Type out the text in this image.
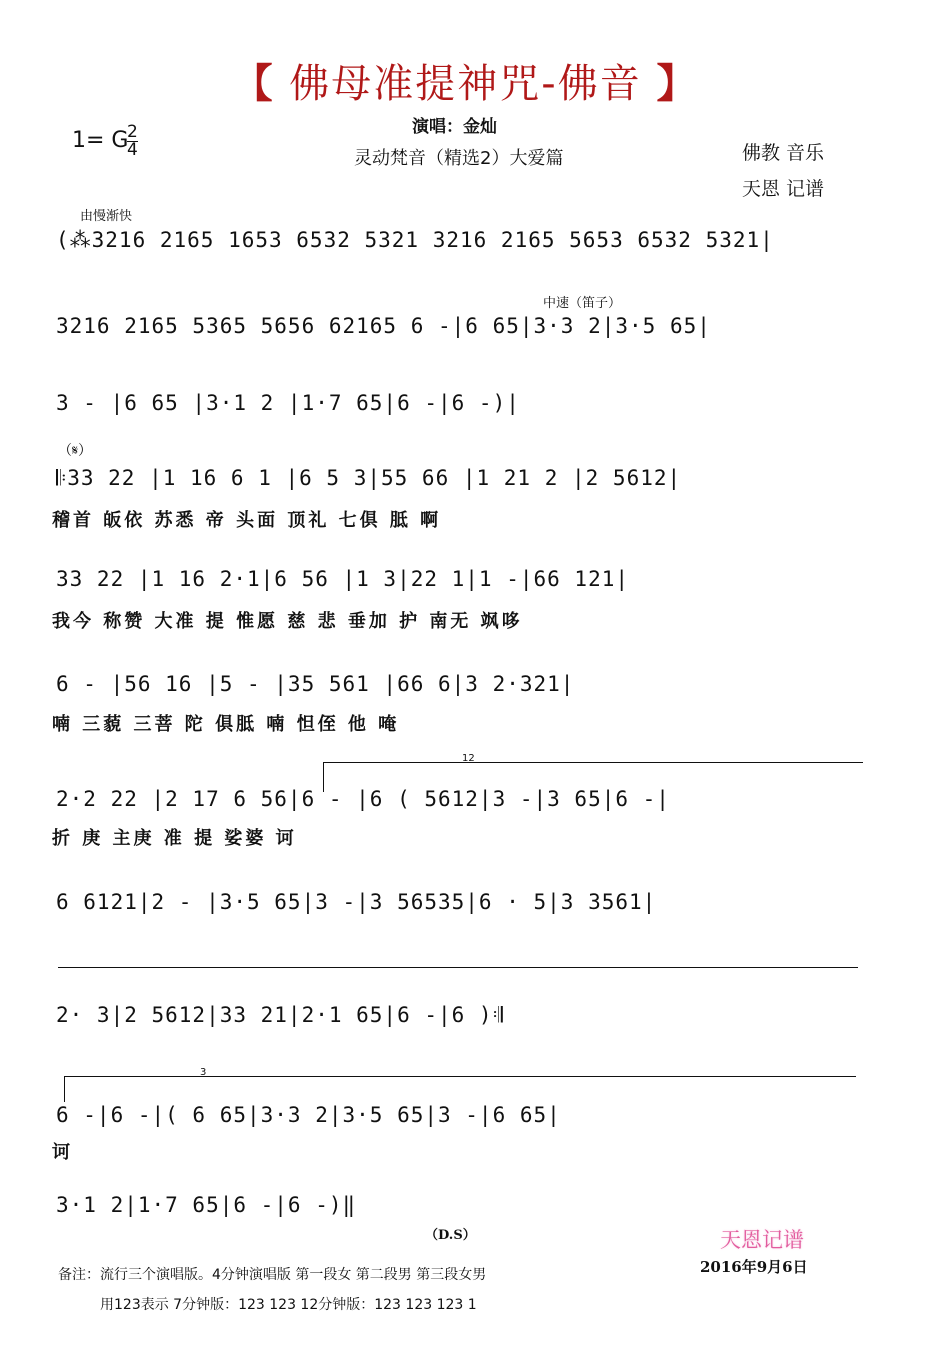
【 佛母准提神咒-佛音 】
演唱：金灿
1= G
$\frac{2}{4}$	灵动梵音（精选2）大爱篇	佛教 音乐
天恩 记谱
由慢渐快
中速（笛子）
（𝄋）
(⁂3216 2165 1653 6532 5321 3216 2165 5653 6532 5321|
3216 2165 5365 5656 62165 6 -|6 65|3·3 2|3·5 65|
3 - |6 65 |3·1 2 |1·7 65|6 -|6 -)|
𝄆33 22 |1 16 6 1 |6 5 3|55 66 |1 21 2 |2 5612|
稽首 皈依 苏悉 帝 头面 顶礼 七俱 胝 啊
33 22 |1 16 2·1|6 56 |1 3|22 1|1 -|66 121|
我今 称赞 大准 提 惟愿 慈 悲 垂加 护 南无 飒哆
6 - |56 16 |5 - |35 561 |66 6|3 2·321|
喃 三藐 三菩 陀 俱胝 喃 怛侄 他 唵
12
2·2 22 |2 17 6 56|6 - |6 ( 5612|3 -|3 65|6 -|
折 庚 主庚 准 提 娑婆 诃
6 6121|2 - |3·5 65|3 -|3 56535|6 · 5|3 3561|
2· 3|2 5612|33 21|2·1 65|6 -|6 )𝄇
3
6 -|6 -|( 6 65|3·3 2|3·5 65|3 -|6 65|
诃
3·1 2|1·7 65|6 -|6 -)‖
（D.S）	天恩记谱
2016年9月6日
备注：流行三个演唱版。4分钟演唱版 第一段女 第二段男 第三段女男
用123表示 7分钟版：123 123 12分钟版：123 123 123 1
